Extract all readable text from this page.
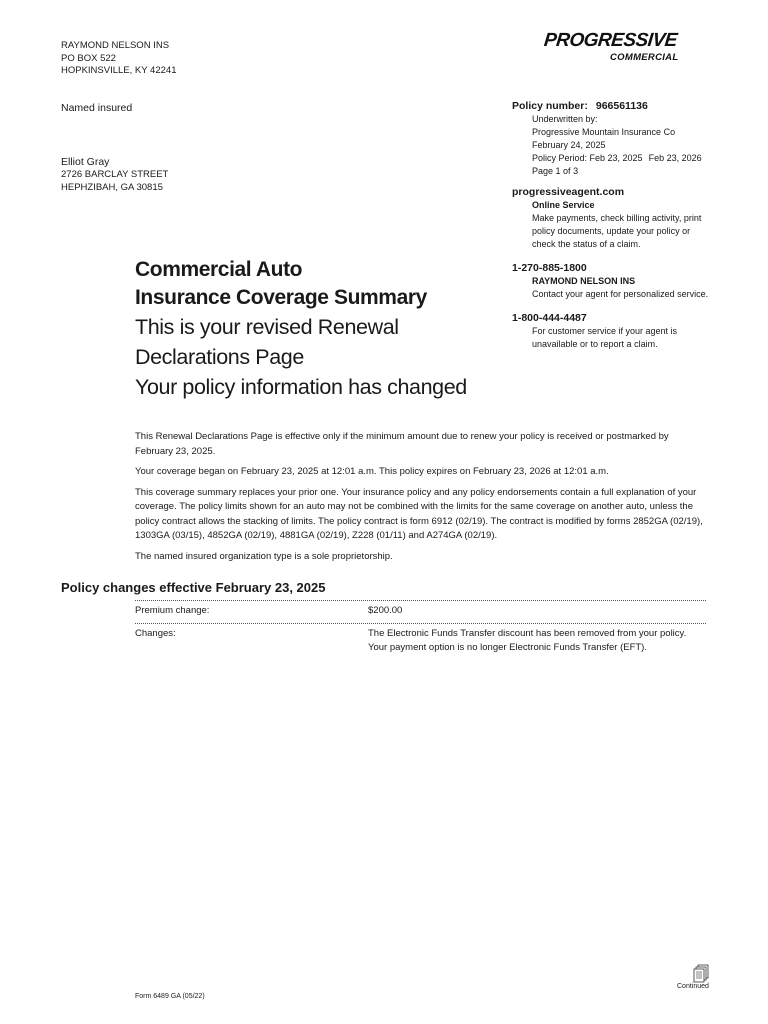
RAYMOND NELSON INS
PO BOX 522
HOPKINSVILLE, KY 42241
Named insured
Elliot Gray
2726 BARCLAY STREET
HEPHZIBAH, GA 30815
PROGRESSIVE
COMMERCIAL
Policy number: 966561136
Underwritten by:
Progressive Mountain Insurance Co
February 24, 2025
Policy Period: Feb 23, 2025 Feb 23, 2026
Page 1 of 3
progressiveagent.com
Online Service
Make payments, check billing activity, print policy documents, update your policy or check the status of a claim.
1-270-885-1800
RAYMOND NELSON INS
Contact your agent for personalized service.
1-800-444-4487
For customer service if your agent is unavailable or to report a claim.
Commercial Auto
Insurance Coverage Summary
This is your revised Renewal
Declarations Page
Your policy information has changed

This Renewal Declarations Page is effective only if the minimum amount due to renew your policy is received or postmarked by February 23, 2025.

Your coverage began on February 23, 2025 at 12:01 a.m. This policy expires on February 23, 2026 at 12:01 a.m.

This coverage summary replaces your prior one. Your insurance policy and any policy endorsements contain a full explanation of your coverage. The policy limits shown for an auto may not be combined with the limits for the same coverage on another auto, unless the policy contract allows the stacking of limits. The policy contract is form 6912 (02/19). The contract is modified by forms 2852GA (02/19), 1303GA (03/15), 4852GA (02/19), 4881GA (02/19), Z228 (01/11) and A274GA (02/19).

The named insured organization type is a sole proprietorship.

Policy changes effective February 23, 2025
Premium change:	$200.00
Changes:	The Electronic Funds Transfer discount has been removed from your policy.
Your payment option is no longer Electronic Funds Transfer (EFT).
Form 6489 GA (05/22)
Continued
